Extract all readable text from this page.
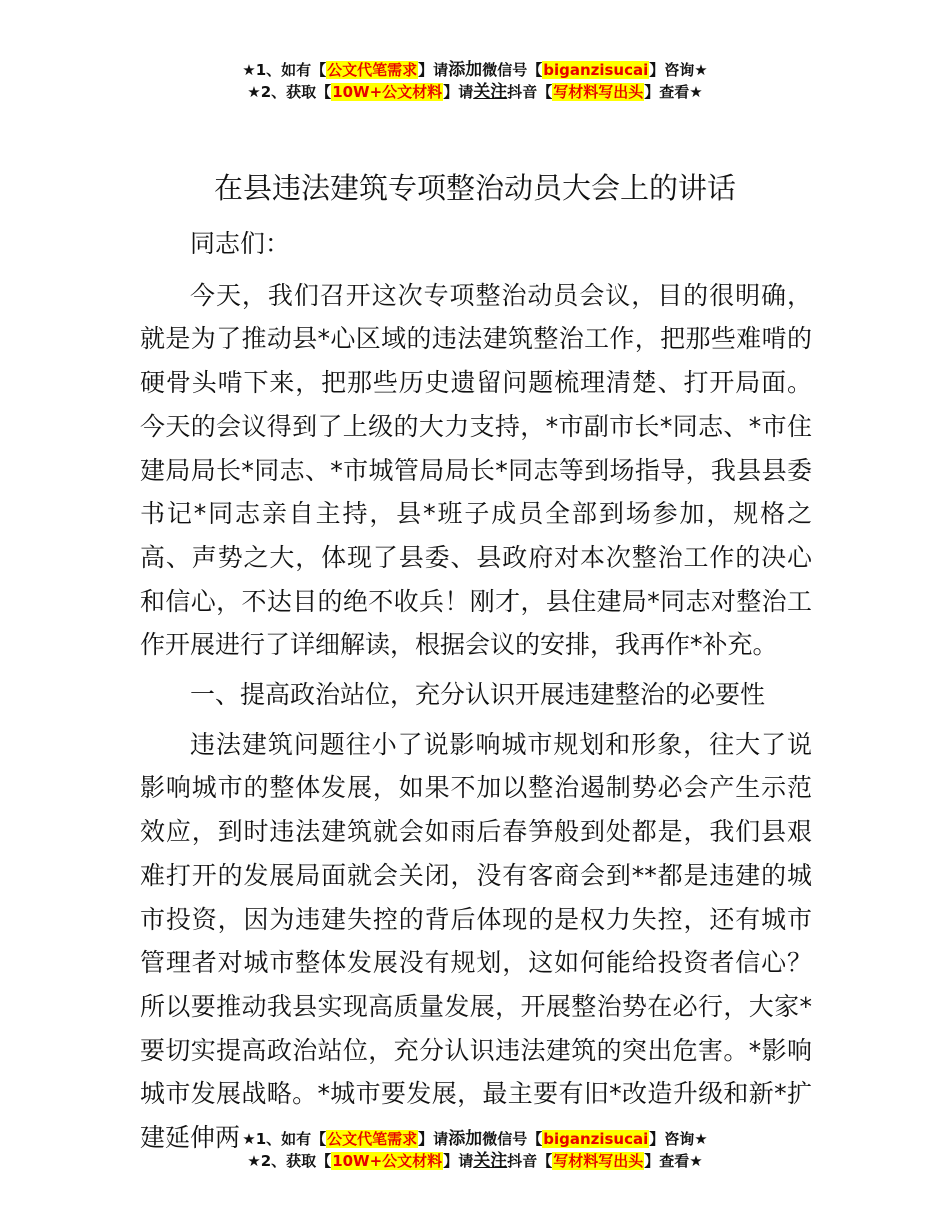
★1、如有【公文代笔需求】请添加微信号【biganzisucai】咨询★
★2、获取【10W+公文材料】请关注抖音【写材料写出头】查看★
在县违法建筑专项整治动员大会上的讲话

同志们：

今天，我们召开这次专项整治动员会议，目的很明确，就是为了推动县*心区域的违法建筑整治工作，把那些难啃的硬骨头啃下来，把那些历史遗留问题梳理清楚、打开局面。今天的会议得到了上级的大力支持，*市副市长*同志、*市住建局局长*同志、*市城管局局长*同志等到场指导，我县县委书记*同志亲自主持，县*班子成员全部到场参加，规格之高、声势之大，体现了县委、县政府对本次整治工作的决心和信心，不达目的绝不收兵！刚才，县住建局*同志对整治工作开展进行了详细解读，根据会议的安排，我再作*补充。

一、提高政治站位，充分认识开展违建整治的必要性

违法建筑问题往小了说影响城市规划和形象，往大了说影响城市的整体发展，如果不加以整治遏制势必会产生示范效应，到时违法建筑就会如雨后春笋般到处都是，我们县艰难打开的发展局面就会关闭，没有客商会到**都是违建的城市投资，因为违建失控的背后体现的是权力失控，还有城市管理者对城市整体发展没有规划，这如何能给投资者信心？所以要推动我县实现高质量发展，开展整治势在必行，大家*要切实提高政治站位，充分认识违法建筑的突出危害。*影响城市发展战略。*城市要发展，最主要有旧*改造升级和新*扩建延伸两 ★1、如有【公文代笔需求】请添加微信号【biganzisucai】咨询★
★2、获取【10W+公文材料】请关注抖音【写材料写出头】查看★
